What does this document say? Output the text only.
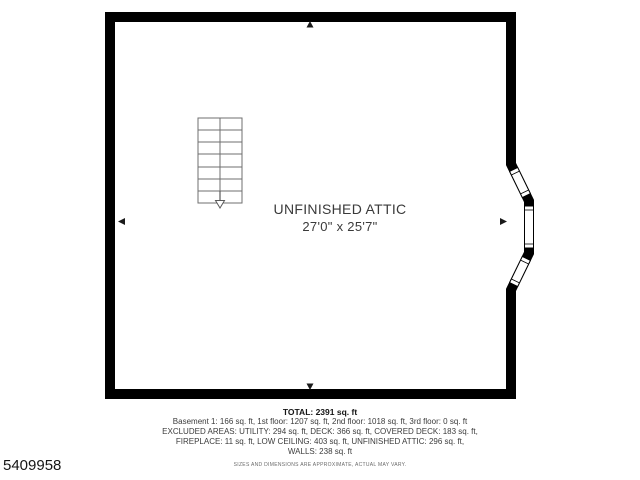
UNFINISHED ATTIC
27'0" x 25'7"
TOTAL: 2391 sq. ft
Basement 1: 166 sq. ft, 1st floor: 1207 sq. ft, 2nd floor: 1018 sq. ft, 3rd floor: 0 sq. ft
EXCLUDED AREAS: UTILITY: 294 sq. ft, DECK: 366 sq. ft, COVERED DECK: 183 sq. ft,
FIREPLACE: 11 sq. ft, LOW CEILING: 403 sq. ft, UNFINISHED ATTIC: 296 sq. ft,
WALLS: 238 sq. ft
SIZES AND DIMENSIONS ARE APPROXIMATE, ACTUAL MAY VARY.
5409958
